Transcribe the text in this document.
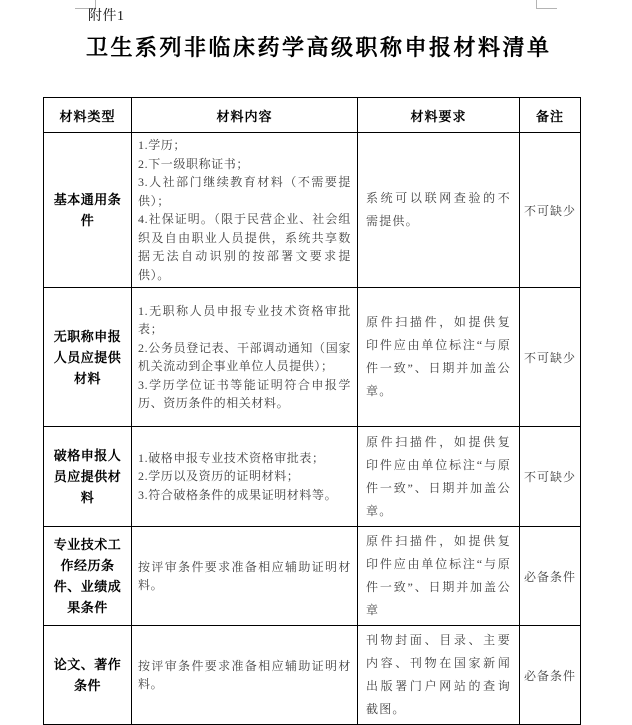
附件1
卫生系列非临床药学高级职称申报材料清单
材料类型	材料内容	材料要求	备注
基本通用条件	1.学历；
2.下一级职称证书；
3.人社部门继续教育材料（不需要提供）；
4.社保证明。（限于民营企业、社会组织及自由职业人员提供，系统共享数据无法自动识别的按部署文要求提供）。	系统可以联网查验的不需提供。	不可缺少
无职称申报人员应提供材料	1.无职称人员申报专业技术资格审批表；
2.公务员登记表、干部调动通知（国家机关流动到企事业单位人员提供）；
3.学历学位证书等能证明符合申报学历、资历条件的相关材料。	原件扫描件，如提供复印件应由单位标注“与原件一致”、日期并加盖公章。	不可缺少
破格申报人员应提供材料	1.破格申报专业技术资格审批表；
2.学历以及资历的证明材料；
3.符合破格条件的成果证明材料等。	原件扫描件，如提供复印件应由单位标注“与原件一致”、日期并加盖公章。	不可缺少
专业技术工作经历条件、业绩成果条件	按评审条件要求准备相应辅助证明材料。	原件扫描件，如提供复印件应由单位标注“与原件一致”、日期并加盖公章	必备条件
论文、著作条件	按评审条件要求准备相应辅助证明材料。	刊物封面、目录、主要内容、刊物在国家新闻出版署门户网站的查询截图。	必备条件
